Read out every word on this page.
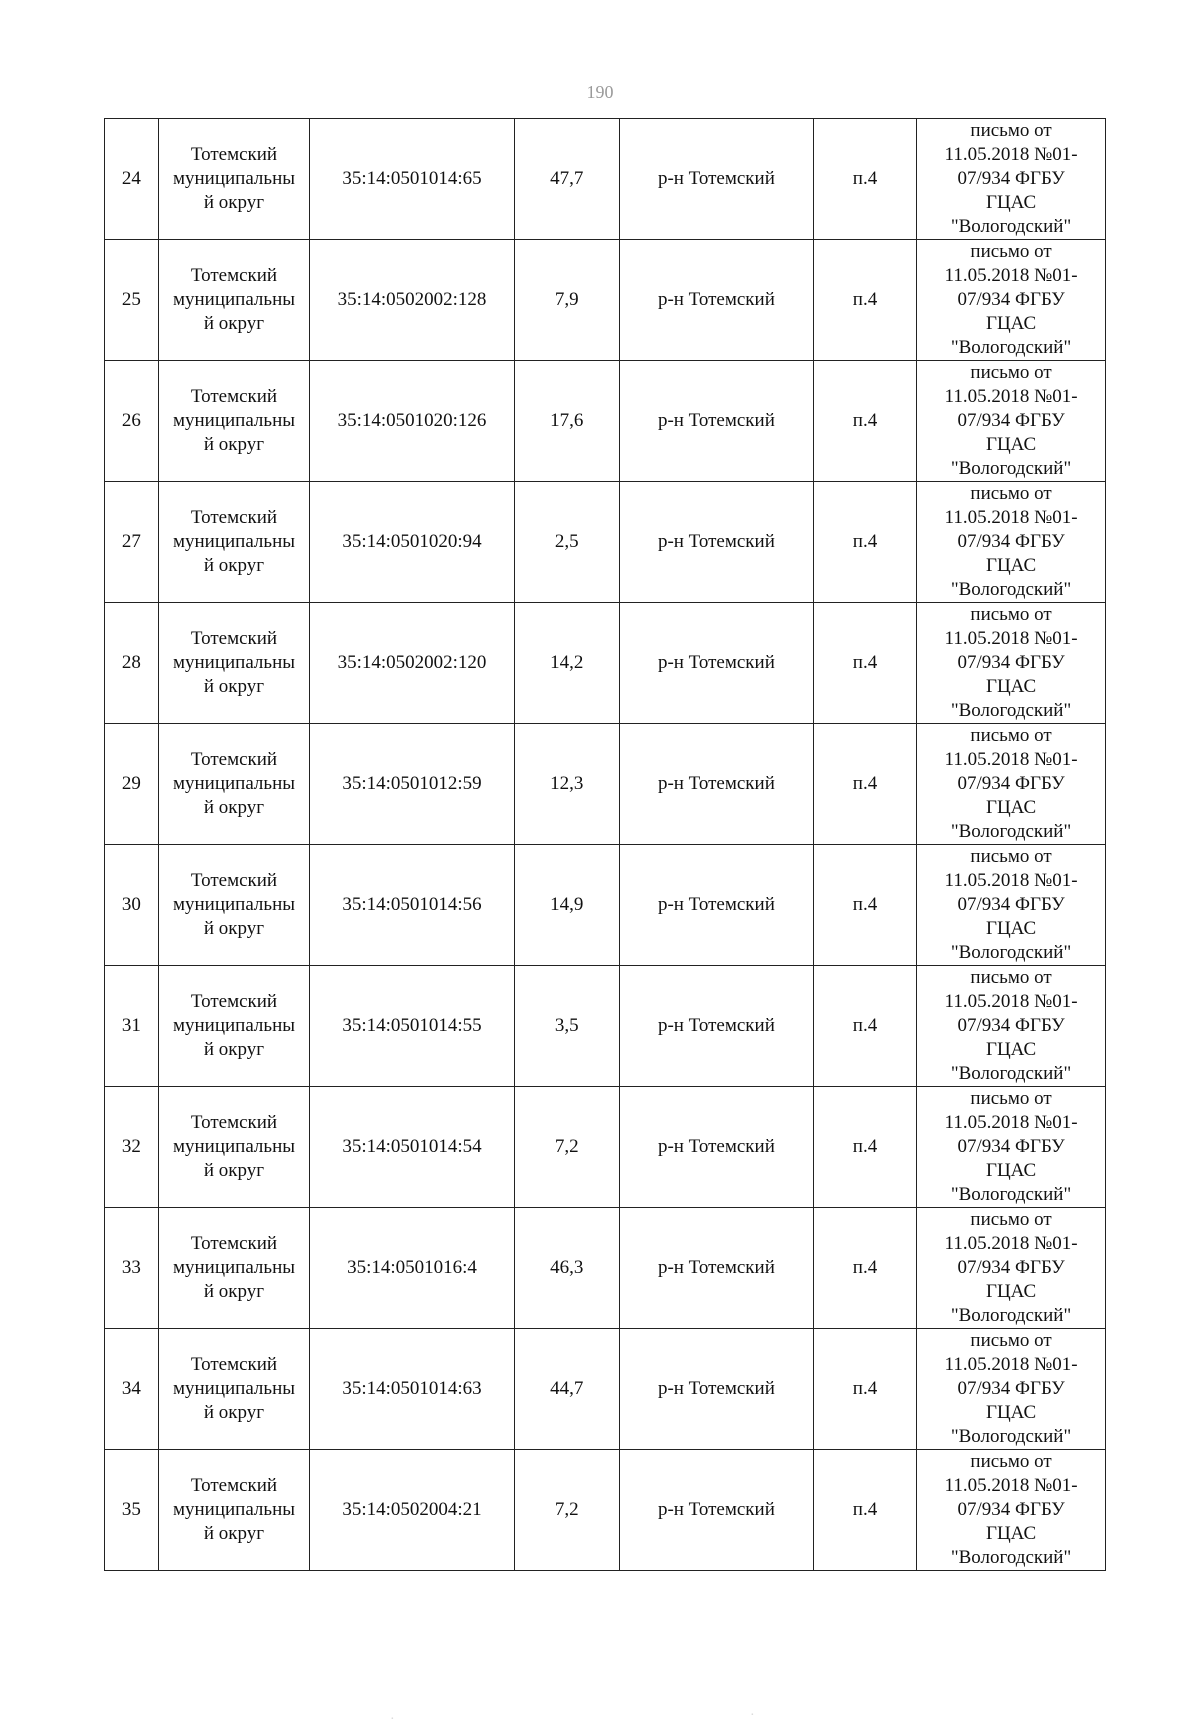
190
24	Тотемский
муниципальны
й округ	35:14:0501014:65	47,7	р-н Тотемский	п.4	письмо от
11.05.2018 №01-
07/934 ФГБУ
ГЦАС
"Вологодский"
25	Тотемский
муниципальны
й округ	35:14:0502002:128	7,9	р-н Тотемский	п.4	письмо от
11.05.2018 №01-
07/934 ФГБУ
ГЦАС
"Вологодский"
26	Тотемский
муниципальны
й округ	35:14:0501020:126	17,6	р-н Тотемский	п.4	письмо от
11.05.2018 №01-
07/934 ФГБУ
ГЦАС
"Вологодский"
27	Тотемский
муниципальны
й округ	35:14:0501020:94	2,5	р-н Тотемский	п.4	письмо от
11.05.2018 №01-
07/934 ФГБУ
ГЦАС
"Вологодский"
28	Тотемский
муниципальны
й округ	35:14:0502002:120	14,2	р-н Тотемский	п.4	письмо от
11.05.2018 №01-
07/934 ФГБУ
ГЦАС
"Вологодский"
29	Тотемский
муниципальны
й округ	35:14:0501012:59	12,3	р-н Тотемский	п.4	письмо от
11.05.2018 №01-
07/934 ФГБУ
ГЦАС
"Вологодский"
30	Тотемский
муниципальны
й округ	35:14:0501014:56	14,9	р-н Тотемский	п.4	письмо от
11.05.2018 №01-
07/934 ФГБУ
ГЦАС
"Вологодский"
31	Тотемский
муниципальны
й округ	35:14:0501014:55	3,5	р-н Тотемский	п.4	письмо от
11.05.2018 №01-
07/934 ФГБУ
ГЦАС
"Вологодский"
32	Тотемский
муниципальны
й округ	35:14:0501014:54	7,2	р-н Тотемский	п.4	письмо от
11.05.2018 №01-
07/934 ФГБУ
ГЦАС
"Вологодский"
33	Тотемский
муниципальны
й округ	35:14:0501016:4	46,3	р-н Тотемский	п.4	письмо от
11.05.2018 №01-
07/934 ФГБУ
ГЦАС
"Вологодский"
34	Тотемский
муниципальны
й округ	35:14:0501014:63	44,7	р-н Тотемский	п.4	письмо от
11.05.2018 №01-
07/934 ФГБУ
ГЦАС
"Вологодский"
35	Тотемский
муниципальны
й округ	35:14:0502004:21	7,2	р-н Тотемский	п.4	письмо от
11.05.2018 №01-
07/934 ФГБУ
ГЦАС
"Вологодский"
·	·
